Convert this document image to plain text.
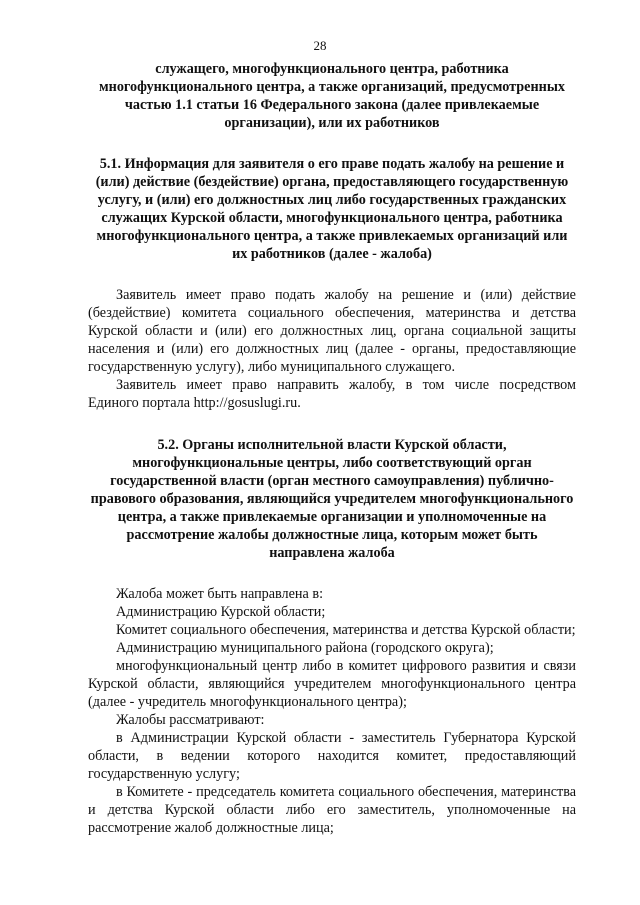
28

служащего, многофункционального центра, работника многофункционального центра, а также организаций, предусмотренных частью 1.1 статьи 16 Федерального закона (далее привлекаемые организации), или их работников

5.1. Информация для заявителя о его праве подать жалобу на решение и (или) действие (бездействие) органа, предоставляющего государственную услугу, и (или) его должностных лиц либо государственных гражданских служащих Курской области, многофункционального центра, работника многофункционального центра, а также привлекаемых организаций или их работников (далее - жалоба)

Заявитель имеет право подать жалобу на решение и (или) действие (бездействие) комитета социального обеспечения, материнства и детства Курской области и (или) его должностных лиц, органа социальной защиты населения и (или) его должностных лиц (далее - органы, предоставляющие государственную услугу), либо муниципального служащего.

Заявитель имеет право направить жалобу, в том числе посредством Единого портала http://gosuslugi.ru.

5.2. Органы исполнительной власти Курской области, многофункциональные центры, либо соответствующий орган государственной власти (орган местного самоуправления) публично-правового образования, являющийся учредителем многофункционального центра, а также привлекаемые организации и уполномоченные на рассмотрение жалобы должностные лица, которым может быть направлена жалоба

Жалоба может быть направлена в:

Администрацию Курской области;

Комитет социального обеспечения, материнства и детства Курской области;

Администрацию муниципального района (городского округа);

многофункциональный центр либо в комитет цифрового развития и связи Курской области, являющийся учредителем многофункционального центра (далее - учредитель многофункционального центра);

Жалобы рассматривают:

в Администрации Курской области - заместитель Губернатора Курской области, в ведении которого находится комитет, предоставляющий государственную услугу;

в Комитете - председатель комитета социального обеспечения, материнства и детства Курской области либо его заместитель, уполномоченные на рассмотрение жалоб должностные лица;
